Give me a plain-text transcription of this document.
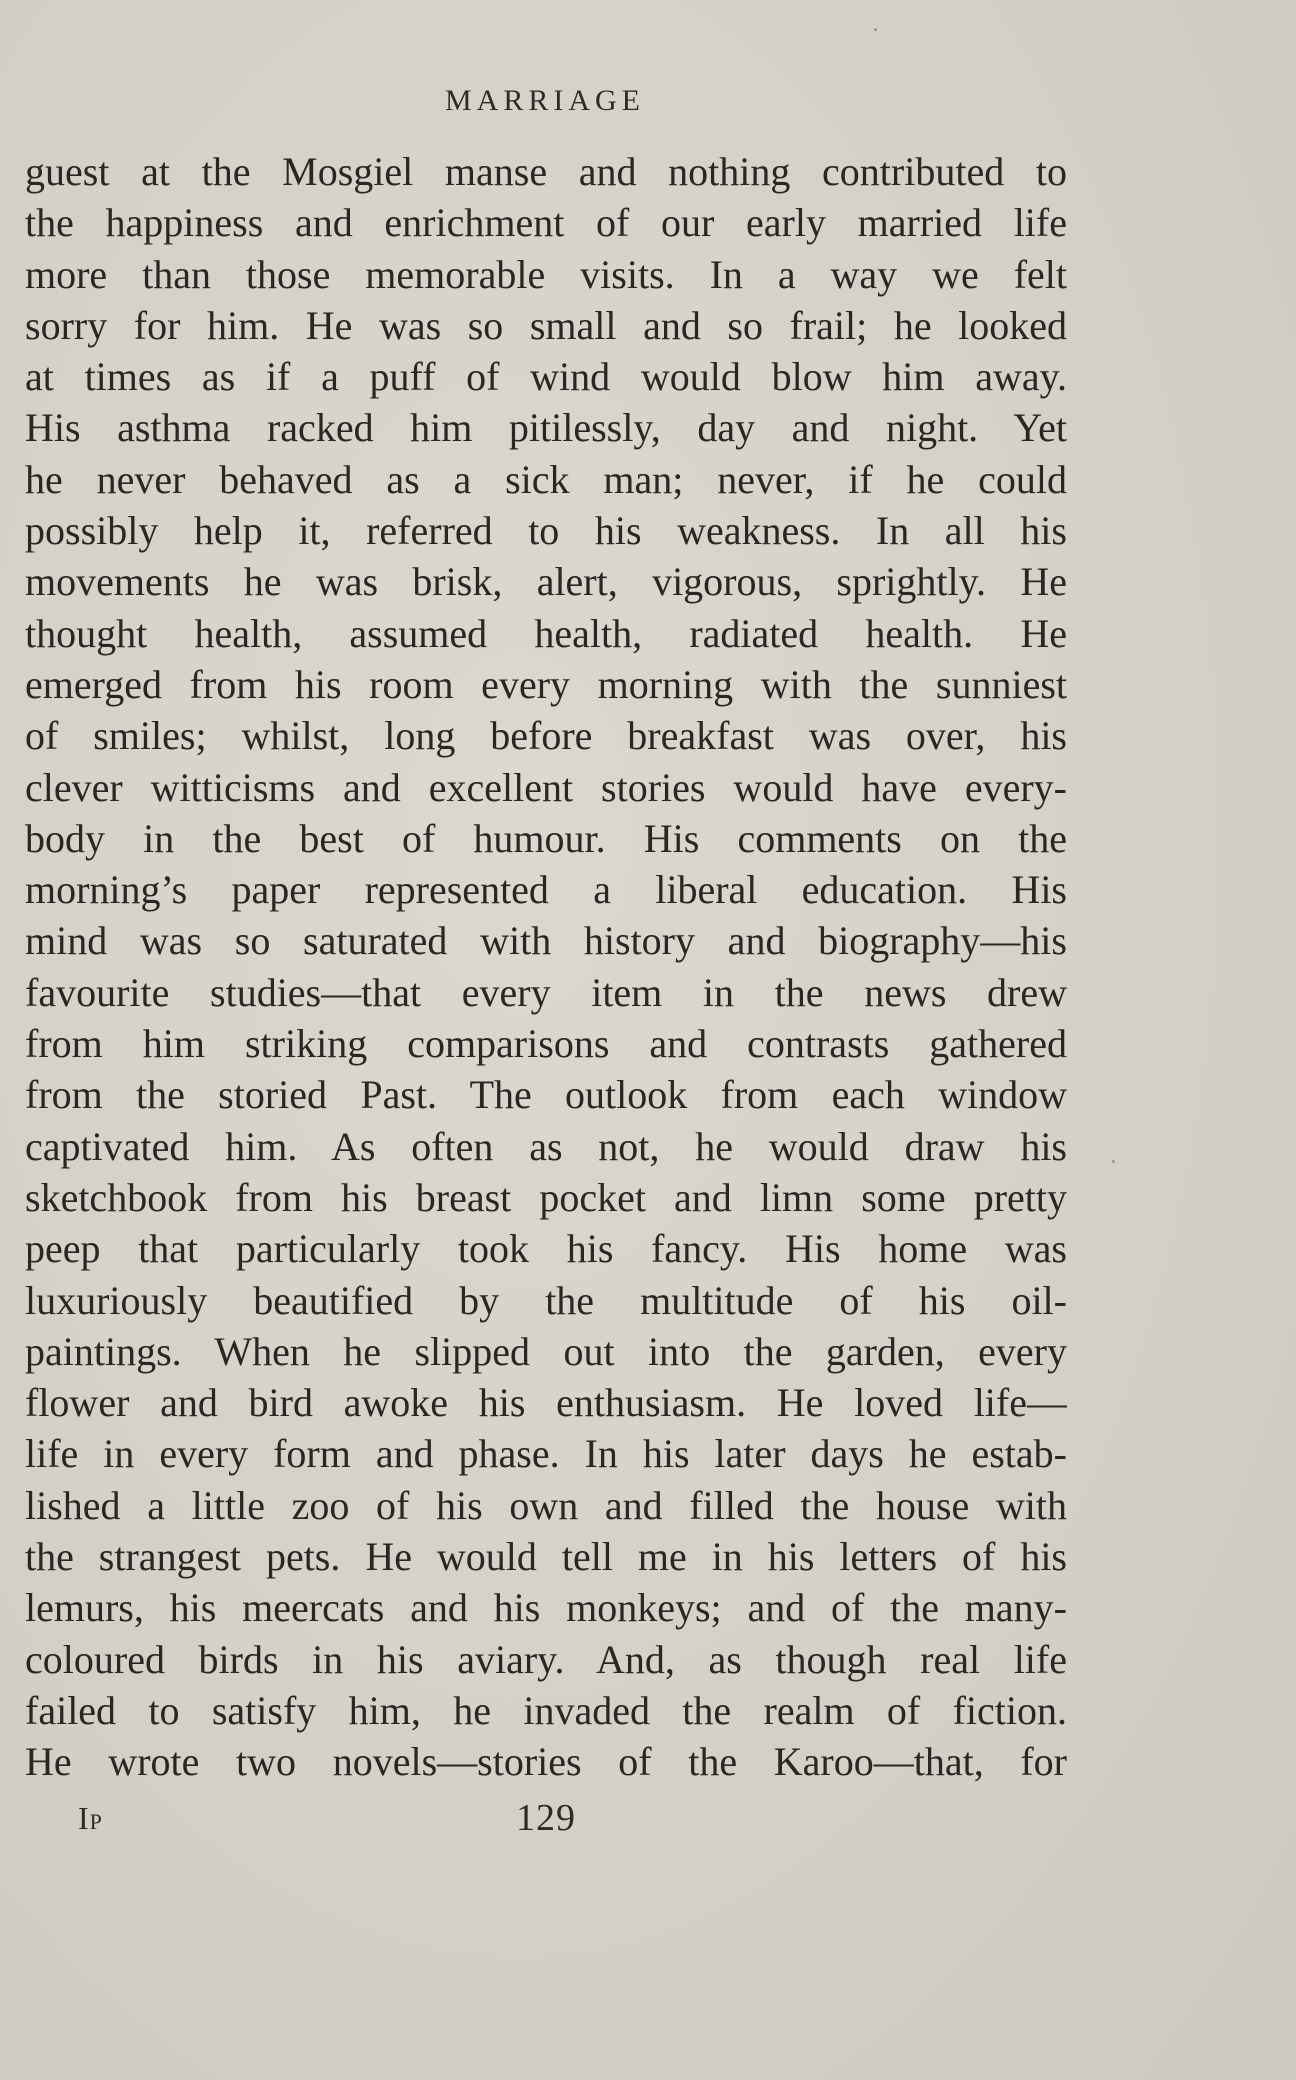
MARRIAGE
guest at the Mosgiel manse and nothing contributed to
the happiness and enrichment of our early married life
more than those memorable visits. In a way we felt
sorry for him. He was so small and so frail; he looked
at times as if a puff of wind would blow him away.
His asthma racked him pitilessly, day and night. Yet
he never behaved as a sick man; never, if he could
possibly help it, referred to his weakness. In all his
movements he was brisk, alert, vigorous, sprightly. He
thought health, assumed health, radiated health. He
emerged from his room every morning with the sunniest
of smiles; whilst, long before breakfast was over, his
clever witticisms and excellent stories would have every-
body in the best of humour. His comments on the
morning’s paper represented a liberal education. His
mind was so saturated with history and biography—his
favourite studies—that every item in the news drew
from him striking comparisons and contrasts gathered
from the storied Past. The outlook from each window
captivated him. As often as not, he would draw his
sketchbook from his breast pocket and limn some pretty
peep that particularly took his fancy. His home was
luxuriously beautified by the multitude of his oil-
paintings. When he slipped out into the garden, every
flower and bird awoke his enthusiasm. He loved life—
life in every form and phase. In his later days he estab-
lished a little zoo of his own and filled the house with
the strangest pets. He would tell me in his letters of his
lemurs, his meercats and his monkeys; and of the many-
coloured birds in his aviary. And, as though real life
failed to satisfy him, he invaded the realm of fiction.
He wrote two novels—stories of the Karoo—that, for
Ip	129
